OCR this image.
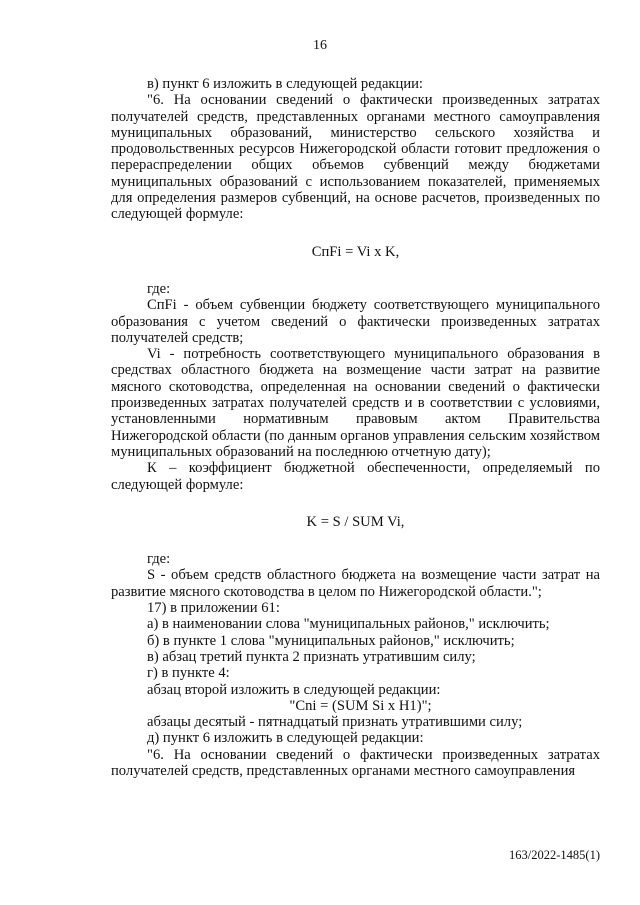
16

в) пункт 6 изложить в следующей редакции:

"6. На основании сведений о фактически произведенных затратах получателей средств, представленных органами местного самоуправления муниципальных образований, министерство сельского хозяйства и продовольственных ресурсов Нижегородской области готовит предложения о перераспределении общих объемов субвенций между бюджетами муниципальных образований с использованием показателей, применяемых для определения размеров субвенций, на основе расчетов, произведенных по следующей формуле:

CпFi = Vi x K,

где:

CпFi - объем субвенции бюджету соответствующего муниципального образования с учетом сведений о фактически произведенных затратах получателей средств;

Vi - потребность соответствующего муниципального образования в средствах областного бюджета на возмещение части затрат на развитие мясного скотоводства, определенная на основании сведений о фактически произведенных затратах получателей средств и в соответствии с условиями, установленными нормативным правовым актом Правительства Нижегородской области (по данным органов управления сельским хозяйством муниципальных образований на последнюю отчетную дату);

К – коэффициент бюджетной обеспеченности, определяемый по следующей формуле:

K = S / SUM Vi,

где:

S - объем средств областного бюджета на возмещение части затрат на развитие мясного скотоводства в целом по Нижегородской области.";

17) в приложении 61:

а) в наименовании слова "муниципальных районов," исключить;

б) в пункте 1 слова "муниципальных районов," исключить;

в) абзац третий пункта 2 признать утратившим силу;

г) в пункте 4:

абзац второй изложить в следующей редакции:

"Cni = (SUM Si x H1)";

абзацы десятый - пятнадцатый признать утратившими силу;

д) пункт 6 изложить в следующей редакции:

"6. На основании сведений о фактически произведенных затратах получателей средств, представленных органами местного самоуправления

163/2022-1485(1)
